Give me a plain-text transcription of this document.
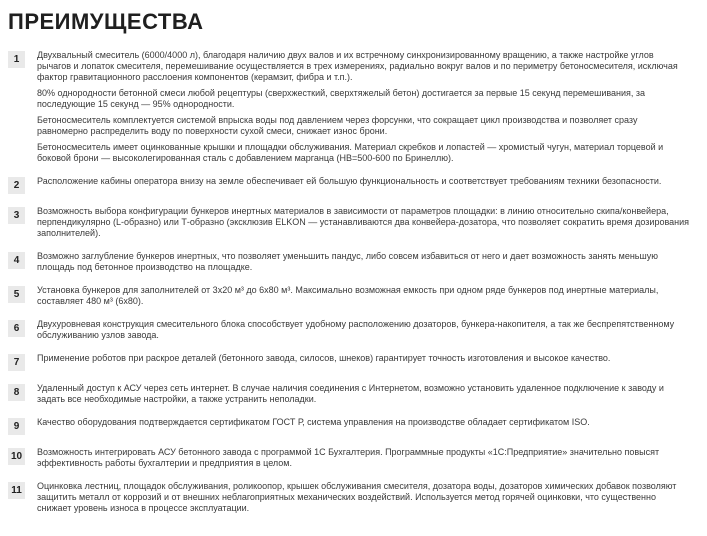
ПРЕИМУЩЕСТВА
1	Двухвальный смеситель (6000/4000 л), благодаря наличию двух валов и их встречному синхронизированному вращению, а также настройке углов рычагов и лопаток смесителя, перемешивание осуществляется в трех измерениях, радиально вокруг валов и по периметру бетоносмесителя, исключая фактор гравитационного расслоения компонентов (керамзит, фибра и т.п.).

80% однородности бетонной смеси любой рецептуры (сверхжесткий, сверхтяжелый бетон) достигается за первые 15 секунд перемешивания, за последующие 15 секунд — 95% однородности.

Бетоносмеситель комплектуется системой впрыска воды под давлением через форсунки, что сокращает цикл производства и позволяет сразу равномерно распределить воду по поверхности сухой смеси, снижает износ брони.

Бетоносмеситель имеет оцинкованные крышки и площадки обслуживания. Материал скребков и лопастей — хромистый чугун, материал торцевой и боковой брони — высоколегированная сталь с добавлением марганца (HB=500-600 по Бринеллю).

2	Расположение кабины оператора внизу на земле обеспечивает ей большую функциональность и соответствует требованиям техники безопасности.

3	Возможность выбора конфигурации бункеров инертных материалов в зависимости от параметров площадки: в линию относительно скипа/конвейера, перпендикулярно (L-образно) или Т-образно (эксклюзив ELKON — устанавливаются два конвейера-дозатора, что позволяет сократить время дозирования заполнителей).

4	Возможно заглубление бункеров инертных, что позволяет уменьшить пандус, либо совсем избавиться от него и дает возможность занять меньшую площадь под бетонное производство на площадке.

5	Установка бункеров для заполнителей от 3х20 м³ до 6х80 м³. Максимально возможная емкость при одном ряде бункеров под инертные материалы, составляет 480 м³ (6х80).

6	Двухуровневая конструкция смесительного блока способствует удобному расположению дозаторов, бункера-накопителя, а так же беспрепятственному обслуживанию узлов завода.

7	Применение роботов при раскрое деталей (бетонного завода, силосов, шнеков) гарантирует точность изготовления и высокое качество.

8	Удаленный доступ к АСУ через сеть интернет. В случае наличия соединения с Интернетом, возможно установить удаленное подключение к заводу и задать все необходимые настройки, а также устранить неполадки.

9	Качество оборудования подтверждается сертификатом ГОСТ Р, система управления на производстве обладает сертификатом ISO.

10	Возможность интегрировать АСУ бетонного завода с программой 1С Бухгалтерия. Программные продукты «1С:Предприятие» значительно повысят эффективность работы бухгалтерии и предприятия в целом.

11	Оцинковка лестниц, площадок обслуживания, роликоопор, крышек обслуживания смесителя, дозатора воды, дозаторов химических добавок позволяют защитить металл от коррозий и от внешних неблагоприятных механических воздействий. Используется метод горячей оцинковки, что существенно снижает уровень износа в процессе эксплуатации.
